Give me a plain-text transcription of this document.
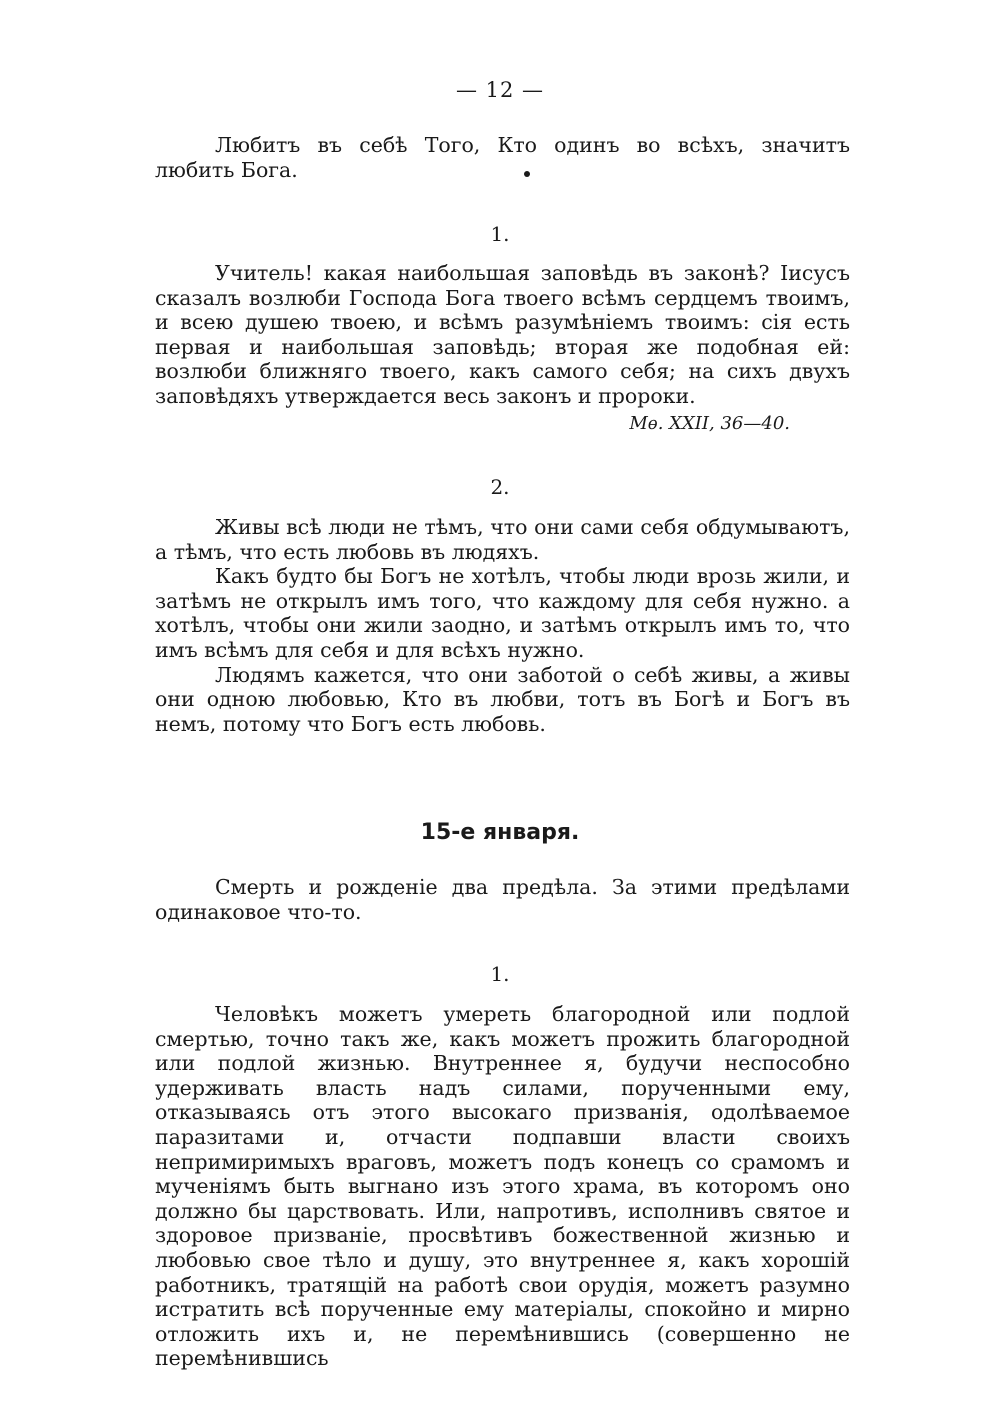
— 12 —

Любитъ въ себѣ Того, Кто одинъ во всѣхъ, значитъ любить Бога.

1.

Учитель! какая наибольшая заповѣдь въ законѣ? Іисусъ сказалъ возлюби Господа Бога твоего всѣмъ сердцемъ твоимъ, и всею душею твоею, и всѣмъ разумѣніемъ твоимъ: сія есть первая и наибольшая заповѣдь; вторая же подобная ей: возлюби ближняго твоего, какъ самого себя; на сихъ двухъ заповѣдяхъ утверждается весь законъ и пророки.

Мѳ. XXII, 36—40.
2.

Живы всѣ люди не тѣмъ, что они сами себя обдумываютъ, а тѣмъ, что есть любовь въ людяхъ.

Какъ будто бы Богъ не хотѣлъ, чтобы люди врозь жили, и затѣмъ не открылъ имъ того, что каждому для себя нужно. а хотѣлъ, чтобы они жили заодно, и затѣмъ открылъ имъ то, что имъ всѣмъ для себя и для всѣхъ нужно.

Людямъ кажется, что они заботой о себѣ живы, а живы они одною любовью, Кто въ любви, тотъ въ Богѣ и Богъ въ немъ, потому что Богъ есть любовь.

15-е января.

Смерть и рожденіе два предѣла. За этими предѣлами одинаковое что-то.

1.

Человѣкъ можетъ умереть благородной или подлой смертью, точно такъ же, какъ можетъ прожить благородной или подлой жизнью. Внутреннее я, будучи неспособно удерживать власть надъ силами, порученными ему, отказываясь отъ этого высокаго призванія, одолѣваемое паразитами и, отчасти подпавши власти своихъ непримиримыхъ враговъ, можетъ подъ конецъ со срамомъ и мученіямъ быть выгнано изъ этого храма, въ которомъ оно должно бы царствовать. Или, напротивъ, исполнивъ святое и здоровое призваніе, просвѣтивъ божественной жизнью и любовью свое тѣло и душу, это внутреннее я, какъ хорошій работникъ, тратящій на работѣ свои орудія, можетъ разумно истратить всѣ порученные ему матеріалы, спокойно и мирно отложить ихъ и, не перемѣнившись (совершенно не перемѣнившись
